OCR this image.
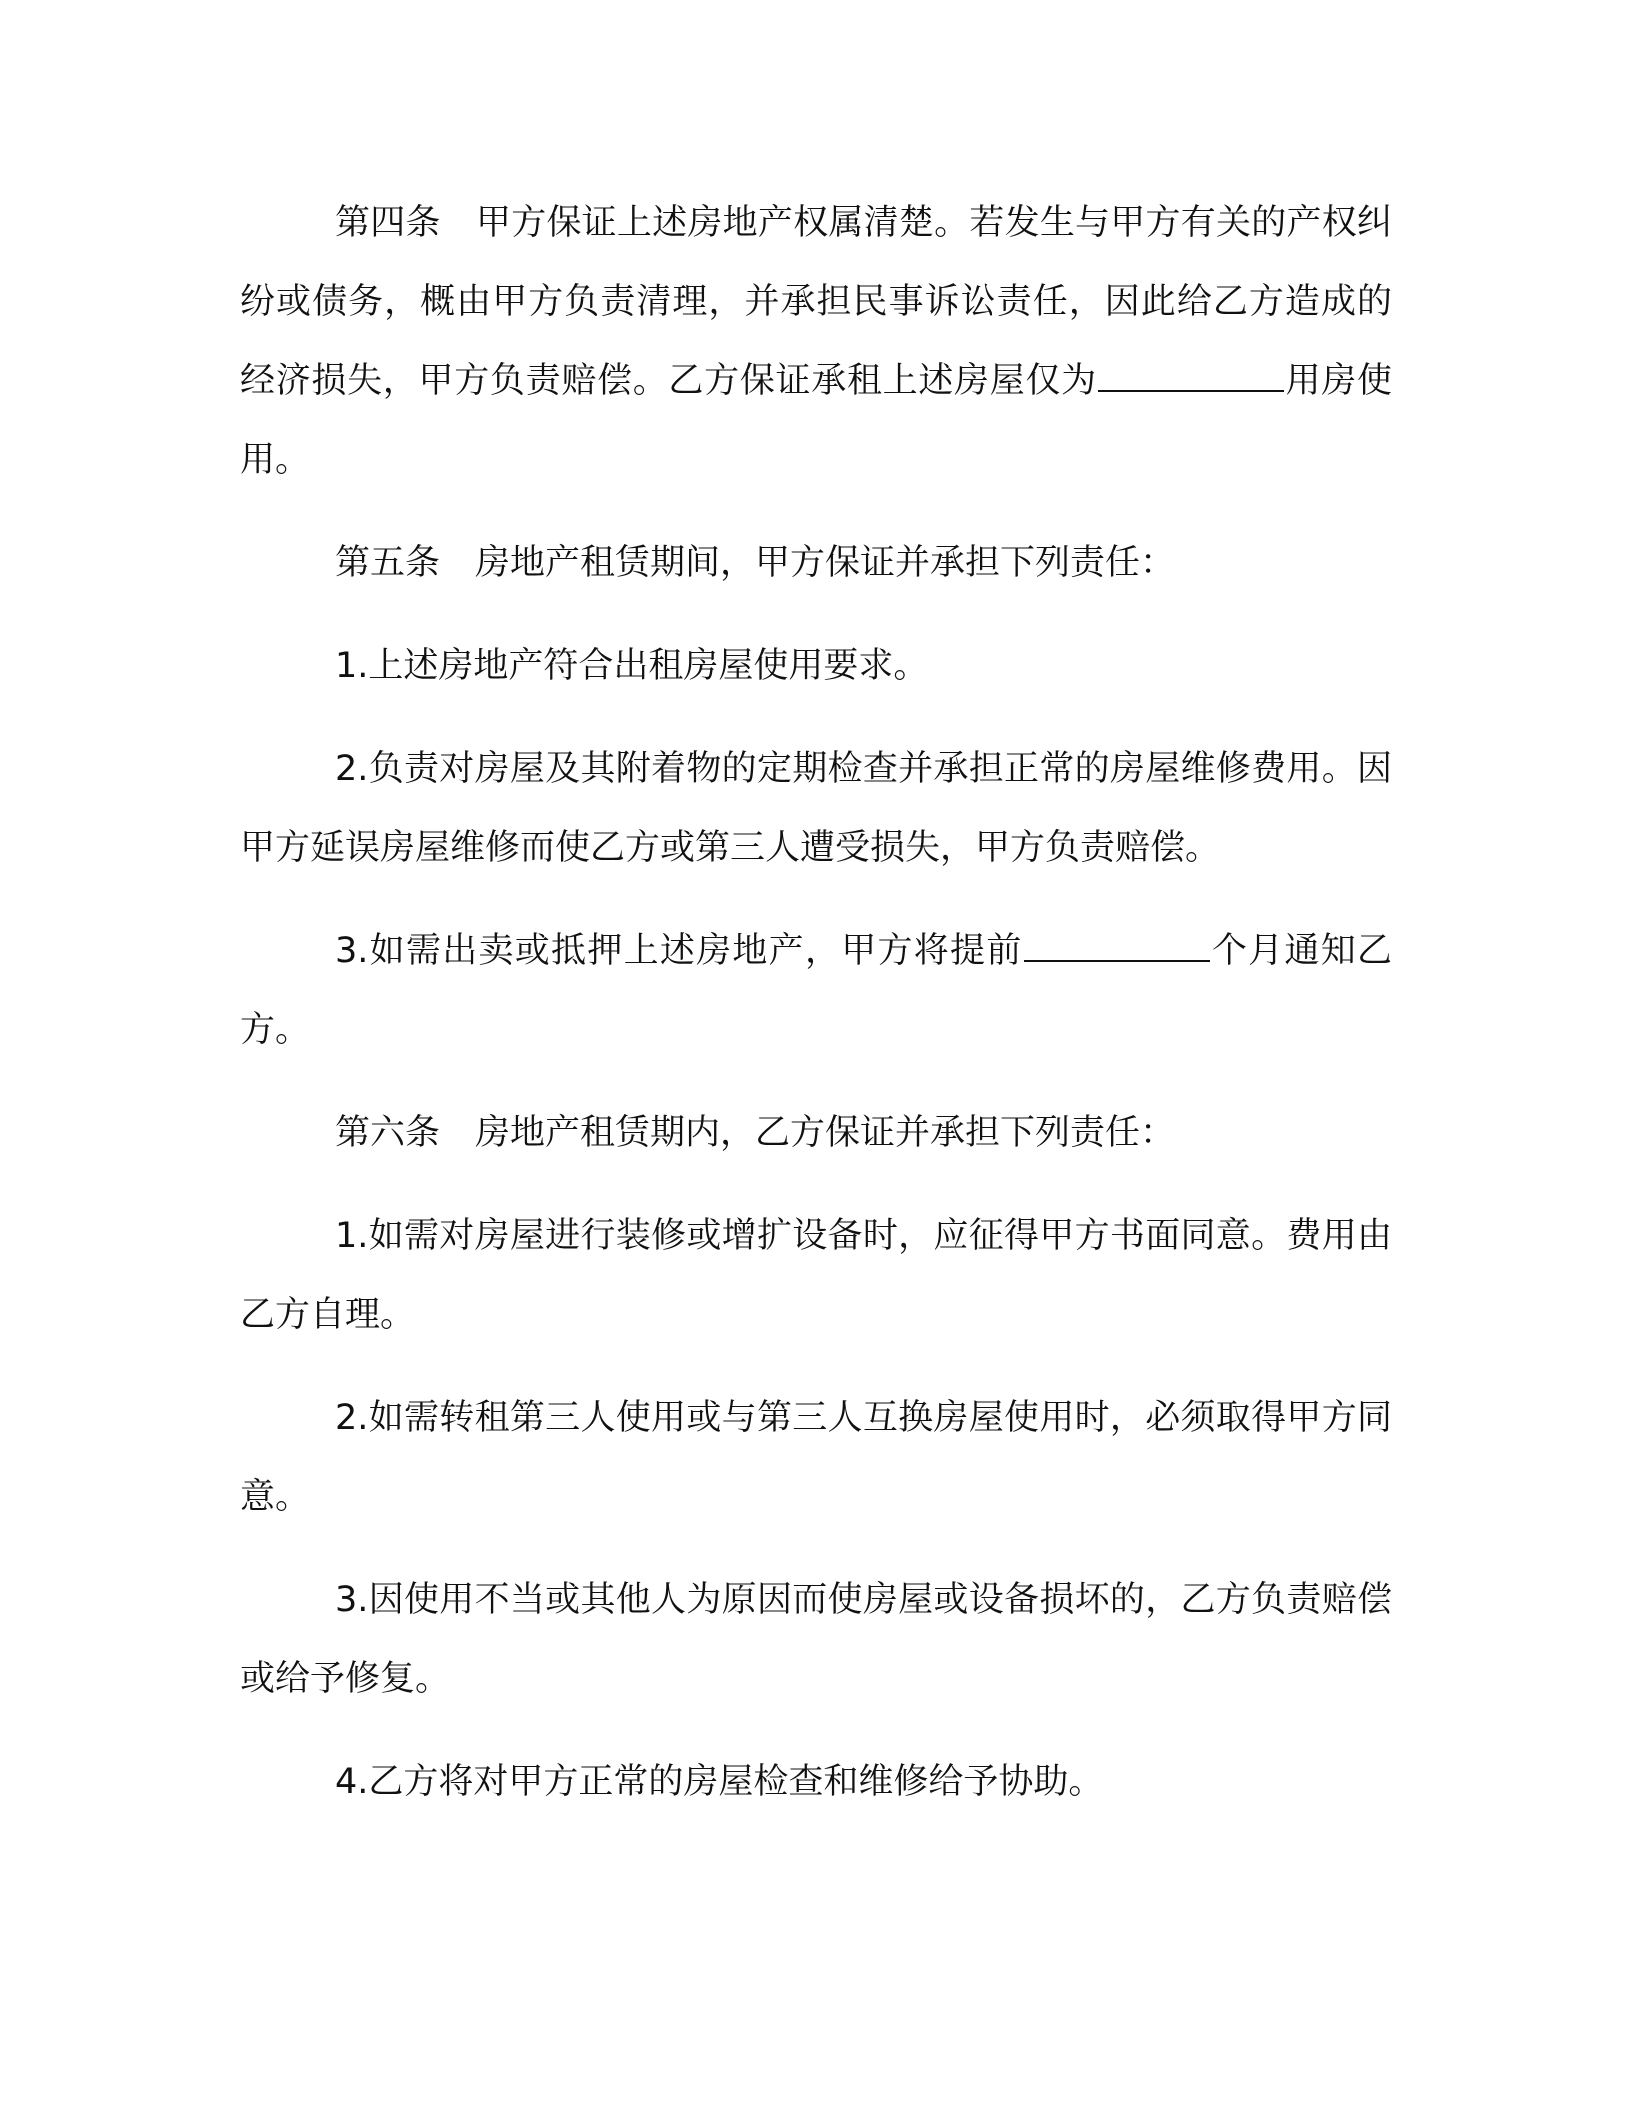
第四条　甲方保证上述房地产权属清楚。若发生与甲方有关的产权纠纷或债务，概由甲方负责清理，并承担民事诉讼责任，因此给乙方造成的经济损失，甲方负责赔偿。乙方保证承租上述房屋仅为	用房使用。

第五条　房地产租赁期间，甲方保证并承担下列责任：

1.上述房地产符合出租房屋使用要求。

2.负责对房屋及其附着物的定期检查并承担正常的房屋维修费用。因甲方延误房屋维修而使乙方或第三人遭受损失，甲方负责赔偿。

3.如需出卖或抵押上述房地产，甲方将提前	个月通知乙方。

第六条　房地产租赁期内，乙方保证并承担下列责任：

1.如需对房屋进行装修或增扩设备时，应征得甲方书面同意。费用由乙方自理。

2.如需转租第三人使用或与第三人互换房屋使用时，必须取得甲方同意。

3.因使用不当或其他人为原因而使房屋或设备损坏的，乙方负责赔偿或给予修复。

4.乙方将对甲方正常的房屋检查和维修给予协助。
